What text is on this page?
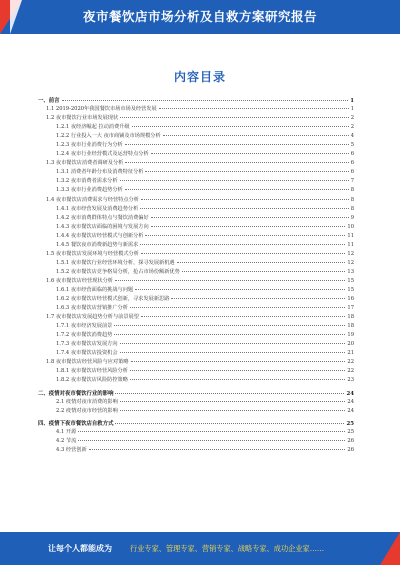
夜市餐饮店市场分析及自救方案研究报告
内容目录
一、前言	1
1.1 2019-2020年我国餐饮市场市场及经营发展	1
1.2 夜市餐饮行业市场发展现状	2
1.2.1 夜经济崛起 拉动消费升级	2
1.2.2 行业投入一大 夜市商铺及市场规模分析	4
1.2.3 夜市行业消费行为分析	5
1.2.4 夜市行业经营模式及运营特点分析	6
1.3 夜市餐饮店消费者调研及分析	6
1.3.1 消费者年龄分布及消费特征分析	6
1.3.2 夜市消费者需求分析	7
1.3.3 夜市行业消费趋势分析	8
1.4 夜市餐饮店消费需求与经营特点分析	8
1.4.1 夜市经营发展及消费趋势分析	8
1.4.2 夜市消费群体特点与餐饮消费偏好	9
1.4.3 夜市餐饮店面临的困境与发展方向	10
1.4.4 夜市餐饮店经营模式与创新分析	11
1.4.5 餐饮夜市消费新趋势与新需求	11
1.5 夜市餐饮店发展环境与经营模式分析	12
1.5.1 夜市餐饮行业经营环境分析，探寻发展新机遇	12
1.5.2 夜市餐饮店竞争格局分析，抢占市场份额新优势	13
1.6 夜市餐饮店经营现状分析	15
1.6.1 夜市经营面临的挑战与问题	15
1.6.2 夜市餐饮店经营模式创新，寻求发展新思路	16
1.6.3 夜市餐饮店营销推广分析	17
1.7 夜市餐饮店发展趋势分析与前景展望	18
1.7.1 夜市经济发展前景	18
1.7.2 夜市餐饮消费趋势	19
1.7.3 夜市餐饮店发展方向	20
1.7.4 夜市餐饮店投资机会	21
1.8 夜市餐饮店经营风险与应对策略	22
1.8.1 夜市餐饮店经营风险分析	22
1.8.2 夜市餐饮店风险防控策略	23
二、疫情对夜市餐饮行业的影响	24
2.1 疫情对夜市消费的影响	24
2.2 疫情对夜市经营的影响	24
四、疫情下夜市餐饮店自救方式	25
4.1 开源	25
4.2 节流	26
4.3 经营创新	26
让每个人都能成为	行业专家、管理专家、营销专家、战略专家、成功企业家……
